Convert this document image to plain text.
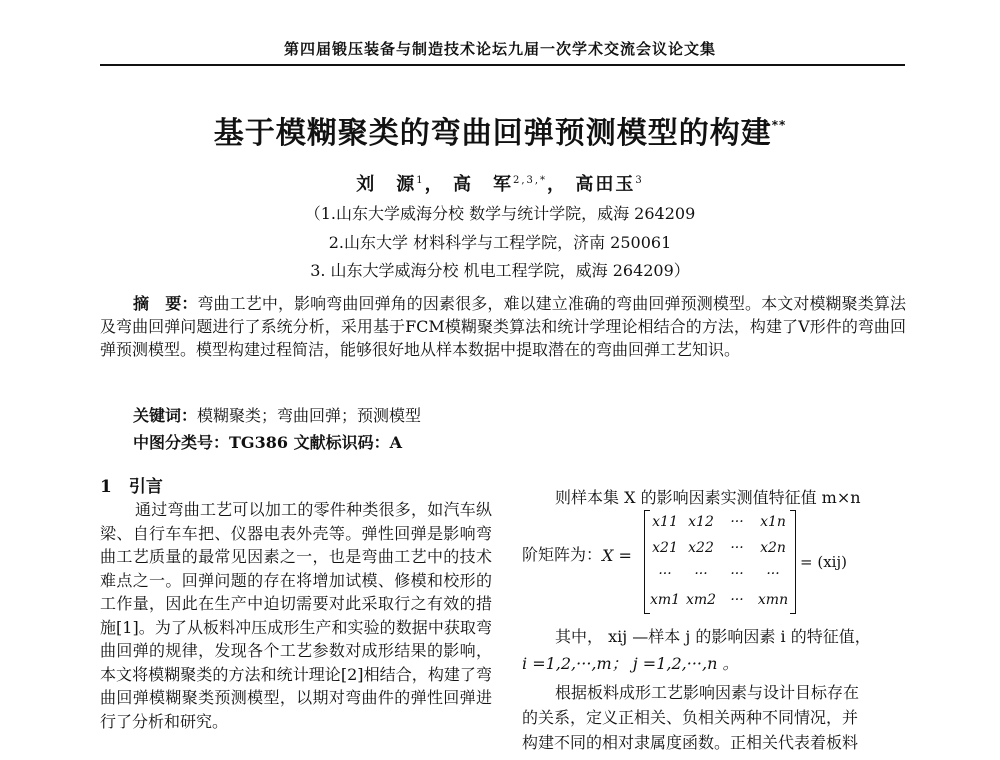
第四届锻压装备与制造技术论坛九届一次学术交流会议论文集
基于模糊聚类的弯曲回弹预测模型的构建**
刘　源$^1$， 高　军$^{2,3,*}$， 高田玉$^3$
（1.山东大学威海分校 数学与统计学院，威海 264209
2.山东大学 材料科学与工程学院，济南 250061
3. 山东大学威海分校 机电工程学院，威海 264209）
摘　要：弯曲工艺中，影响弯曲回弹角的因素很多，难以建立准确的弯曲回弹预测模型。本文对模糊聚类算法及弯曲回弹问题进行了系统分析，采用基于FCM模糊聚类算法和统计学理论相结合的方法，构建了V形件的弯曲回弹预测模型。模型构建过程简洁，能够很好地从样本数据中提取潜在的弯曲回弹工艺知识。
关键词：模糊聚类；弯曲回弹；预测模型
中图分类号：TG386 文献标识码：A
1　引言
通过弯曲工艺可以加工的零件种类很多，如汽车纵梁、自行车车把、仪器电表外壳等。弹性回弹是影响弯曲工艺质量的最常见因素之一，也是弯曲工艺中的技术难点之一。回弹问题的存在将增加试模、修模和校形的工作量，因此在生产中迫切需要对此采取行之有效的措施[1]。为了从板料冲压成形生产和实验的数据中获取弯曲回弹的规律，发现各个工艺参数对成形结果的影响，本文将模糊聚类的方法和统计理论[2]相结合，构建了弯曲回弹模糊聚类预测模型，以期对弯曲件的弹性回弹进行了分析和研究。
则样本集 X 的影响因素实测值特征值 m×n
阶矩阵为： X =
x11 x12	···	x1n
x21 x22	···	x2n
···	···	···	···
xm1 xm2	···	xmn
= (xij)
其中， xij —样本 j 的影响因素 i 的特征值，
i =1,2,···,m； j =1,2,···,n 。
根据板料成形工艺影响因素与设计目标存在
的关系，定义正相关、负相关两种不同情况，并
构建不同的相对隶属度函数。正相关代表着板料
